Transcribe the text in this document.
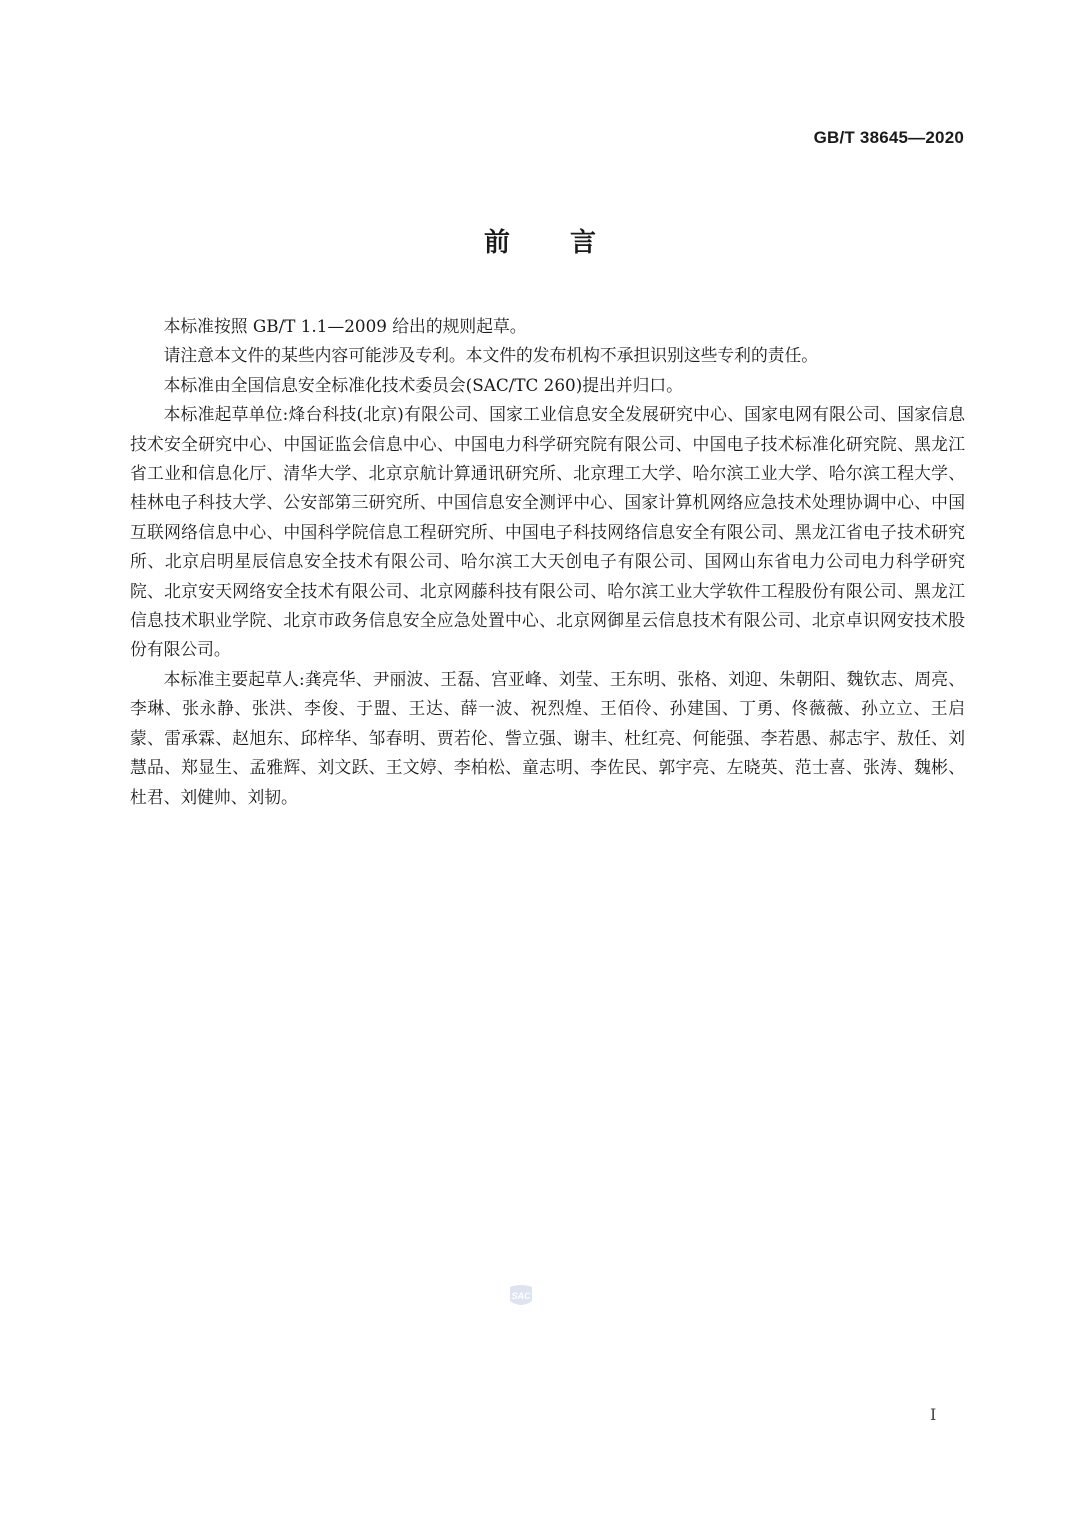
GB/T 38645—2020
前言

本标准按照 GB/T 1.1—2009 给出的规则起草。

请注意本文件的某些内容可能涉及专利。本文件的发布机构不承担识别这些专利的责任。

本标准由全国信息安全标准化技术委员会(SAC/TC 260)提出并归口。

本标准起草单位:烽台科技(北京)有限公司、国家工业信息安全发展研究中心、国家电网有限公司、国家信息技术安全研究中心、中国证监会信息中心、中国电力科学研究院有限公司、中国电子技术标准化研究院、黑龙江省工业和信息化厅、清华大学、北京京航计算通讯研究所、北京理工大学、哈尔滨工业大学、哈尔滨工程大学、桂林电子科技大学、公安部第三研究所、中国信息安全测评中心、国家计算机网络应急技术处理协调中心、中国互联网络信息中心、中国科学院信息工程研究所、中国电子科技网络信息安全有限公司、黑龙江省电子技术研究所、北京启明星辰信息安全技术有限公司、哈尔滨工大天创电子有限公司、国网山东省电力公司电力科学研究院、北京安天网络安全技术有限公司、北京网藤科技有限公司、哈尔滨工业大学软件工程股份有限公司、黑龙江信息技术职业学院、北京市政务信息安全应急处置中心、北京网御星云信息技术有限公司、北京卓识网安技术股份有限公司。

本标准主要起草人:龚亮华、尹丽波、王磊、宫亚峰、刘莹、王东明、张格、刘迎、朱朝阳、魏钦志、周亮、李琳、张永静、张洪、李俊、于盟、王达、薛一波、祝烈煌、王佰伶、孙建国、丁勇、佟薇薇、孙立立、王启蒙、雷承霖、赵旭东、邱梓华、邹春明、贾若伦、訾立强、谢丰、杜红亮、何能强、李若愚、郝志宇、敖任、刘慧品、郑显生、孟雅辉、刘文跃、王文婷、李柏松、童志明、李佐民、郭宇亮、左晓英、范士喜、张涛、魏彬、杜君、刘健帅、刘韧。

SAC
I
